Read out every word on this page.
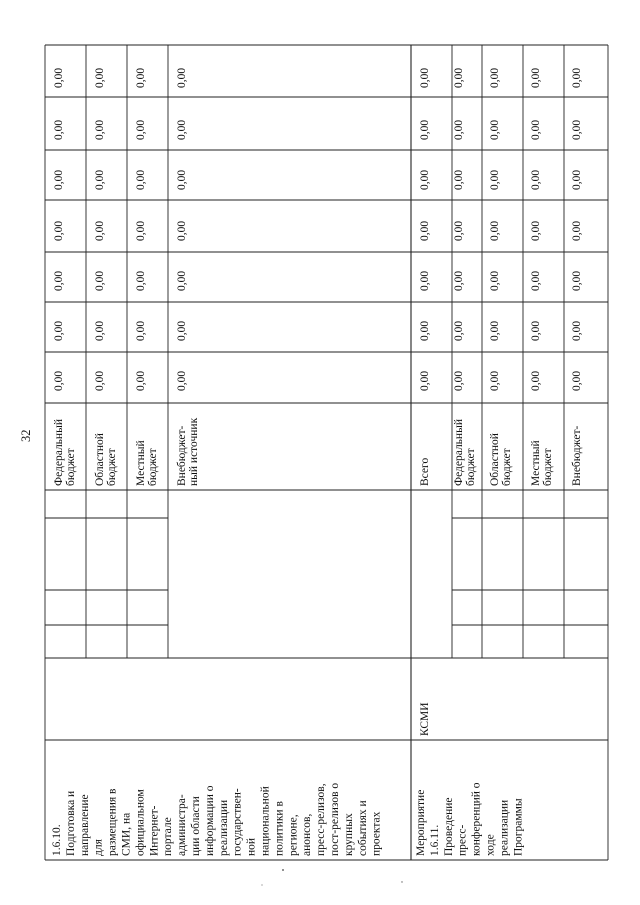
32
0,00
0,00
0,00
0,00
0,00
0,00
0,00
0,00
0,00
0,00
0,00
0,00
0,00
0,00
0,00
0,00
0,00
0,00
0,00
0,00
0,00
0,00
0,00
0,00
0,00
0,00
0,00
0,00
0,00
0,00
0,00
0,00
0,00
0,00
0,00
0,00
0,00
0,00
0,00
0,00
0,00
0,00
0,00
0,00
0,00
0,00
0,00
0,00
0,00
0,00
0,00
0,00
0,00
0,00
0,00
0,00
0,00
0,00
0,00
0,00
0,00
0,00
0,00
Федеральный бюджет Областной бюджет Местный бюджет Внебюджет- ный источник	Всего Федеральный бюджет Областной бюджет Местный бюджет Внебюджет-
1.6.10. Подготовка и направление для размещения в СМИ, на официальном Интернет- портале администра- ции области информации о реализации государствен- ной национальной политики в регионе, анонсов, пресс-релизов, пост-релизов о крупных событиях и проектах	Мероприятие 1.6.11. Проведение пресс- конференций о ходе реализации Программы
КСМИ
